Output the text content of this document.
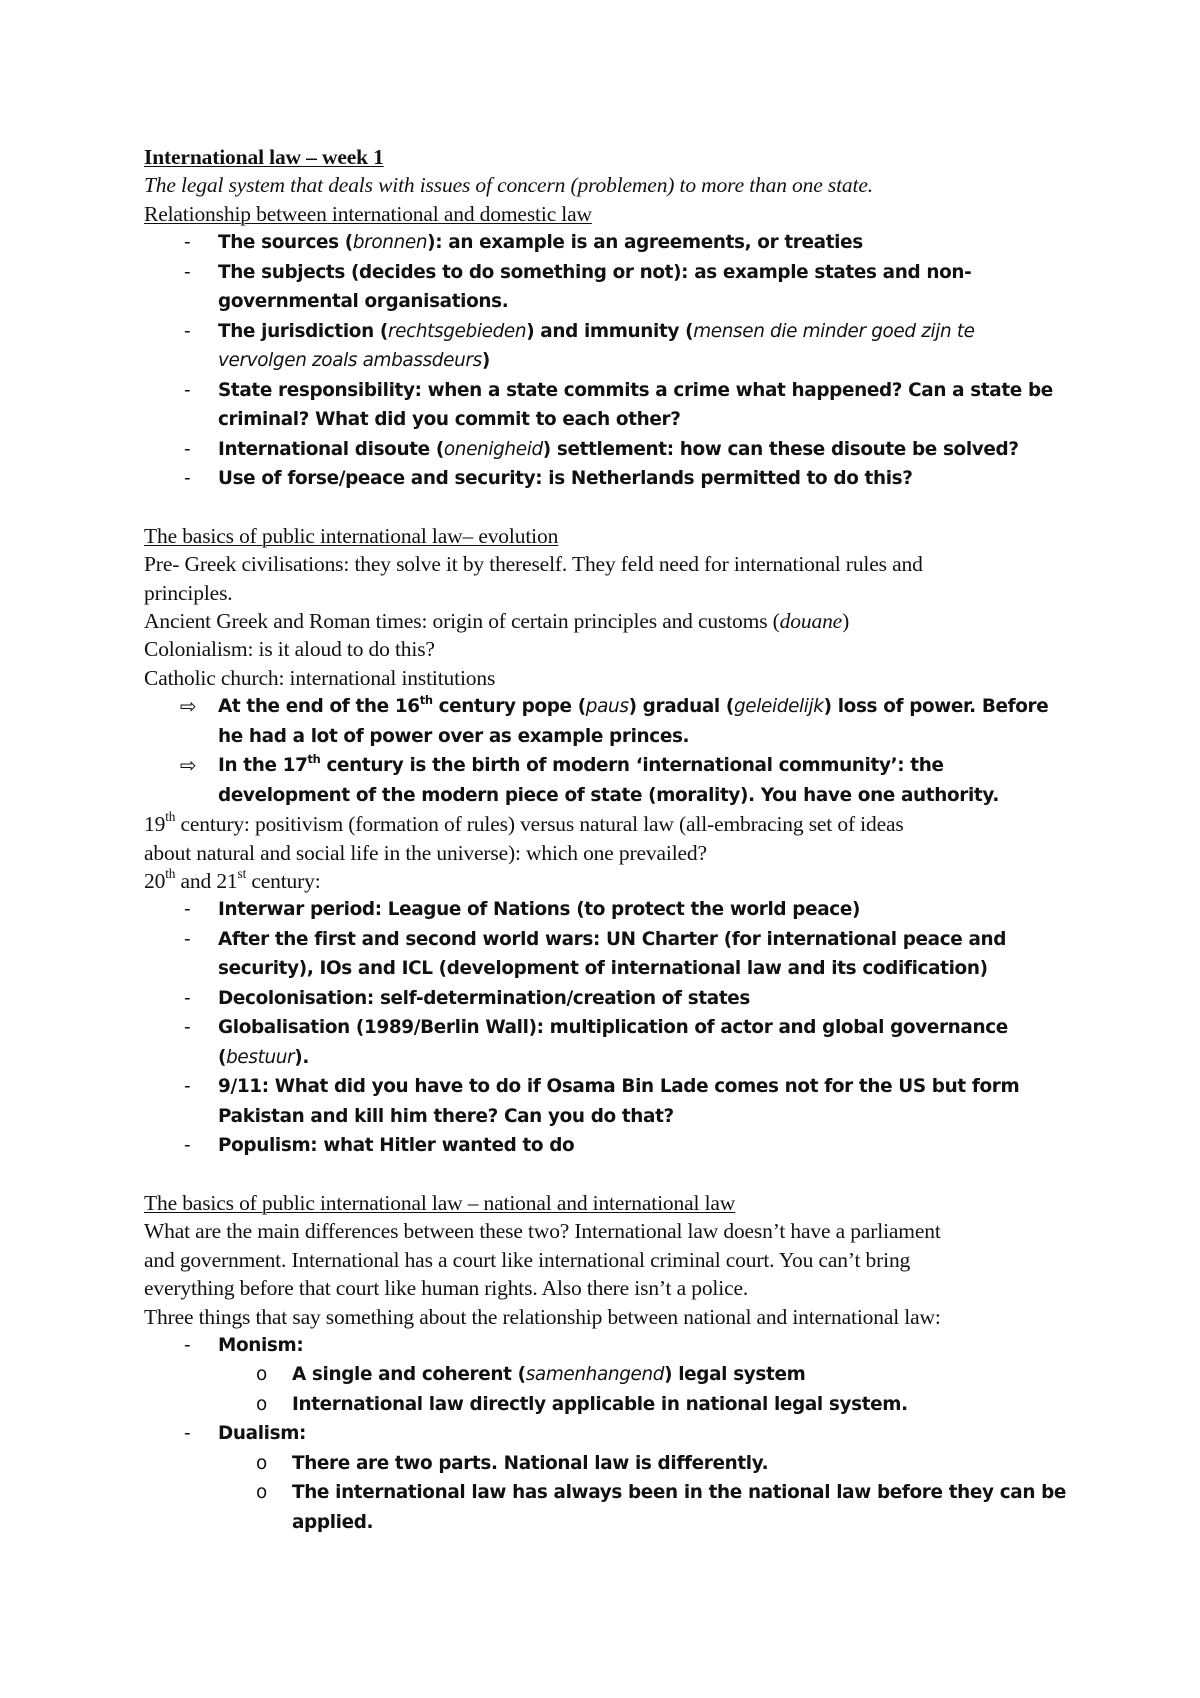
International law – week 1

The legal system that deals with issues of concern (problemen) to more than one state.

Relationship between international and domestic law

- The sources (bronnen): an example is an agreements, or treaties
- The subjects (decides to do something or not): as example states and non-
governmental organisations.
- The jurisdiction (rechtsgebieden) and immunity (mensen die minder goed zijn te
vervolgen zoals ambassdeurs)
- State responsibility: when a state commits a crime what happened? Can a state be
criminal? What did you commit to each other?
- International disoute (onenigheid) settlement: how can these disoute be solved?
- Use of forse/peace and security: is Netherlands permitted to do this?

The basics of public international law– evolution

Pre- Greek civilisations: they solve it by thereself. They feld need for international rules and
principles.

Ancient Greek and Roman times: origin of certain principles and customs (douane)

Colonialism: is it aloud to do this?

Catholic church: international institutions

⇨ At the end of the 16th century pope (paus) gradual (geleidelijk) loss of power. Before
he had a lot of power over as example princes.
⇨ In the 17th century is the birth of modern ‘international community’: the
development of the modern piece of state (morality). You have one authority.

19th century: positivism (formation of rules) versus natural law (all-embracing set of ideas
about natural and social life in the universe): which one prevailed?

20th and 21st century:

- Interwar period: League of Nations (to protect the world peace)
- After the first and second world wars: UN Charter (for international peace and
security), IOs and ICL (development of international law and its codification)
- Decolonisation: self-determination/creation of states
- Globalisation (1989/Berlin Wall): multiplication of actor and global governance
(bestuur).
- 9/11: What did you have to do if Osama Bin Lade comes not for the US but form
Pakistan and kill him there? Can you do that?
- Populism: what Hitler wanted to do

The basics of public international law – national and international law

What are the main differences between these two? International law doesn’t have a parliament
and government. International has a court like international criminal court. You can’t bring
everything before that court like human rights. Also there isn’t a police.

Three things that say something about the relationship between national and international law:

- Monism:
o A single and coherent (samenhangend) legal system
o International law directly applicable in national legal system.
- Dualism:
o There are two parts. National law is differently.
o The international law has always been in the national law before they can be
applied.
